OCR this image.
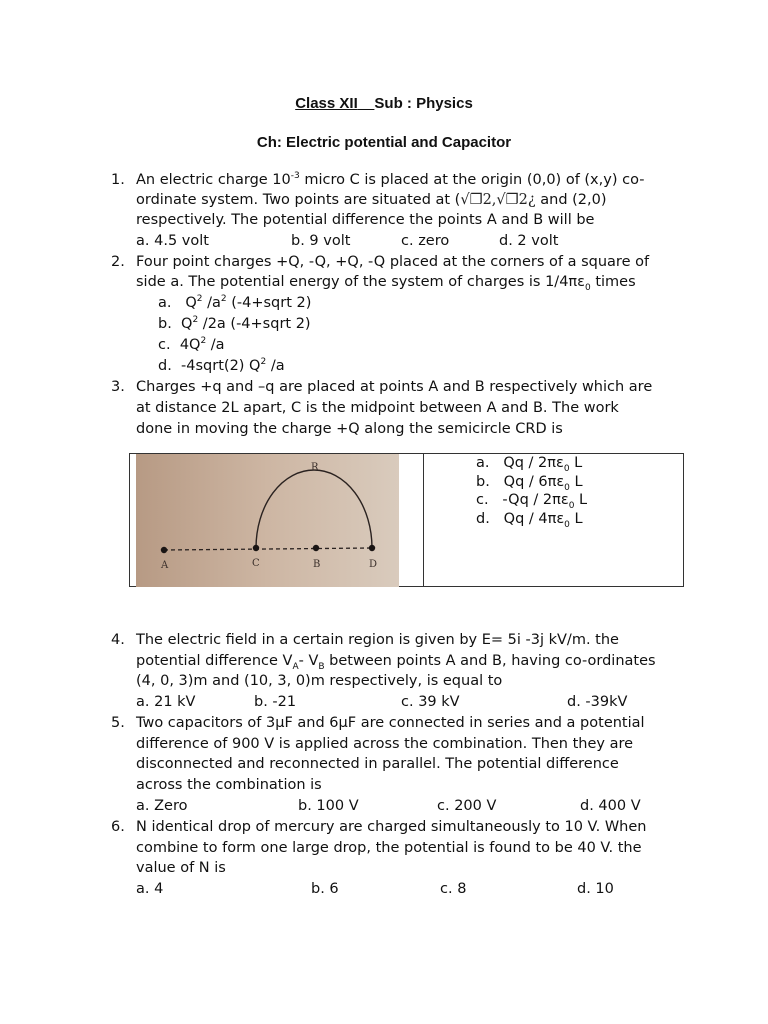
Class XII Sub : Physics
Ch: Electric potential and Capacitor
1. An electric charge $10^{-3}$ micro C is placed at the origin (0,0) of (x,y) co-
ordinate system. Two points are situated at (√❐2,√❐2¿ and (2,0)
respectively. The potential difference the points A and B will be
a. 4.5 volt	b. 9 volt	c. zero	d. 2 volt
2. Four point charges +Q, -Q, +Q, -Q placed at the corners of a square of
side a. The potential energy of the system of charges is $1/4\pi\varepsilon_0$ times
a. $Q^2$ $/a^2$ (-4+sqrt 2)
b. $Q^2$ /2a (-4+sqrt 2)
c. $4Q^2$ /a
d. -4sqrt(2) $Q^2$ /a
3. Charges +q and –q are placed at points A and B respectively which are
at distance 2L apart, C is the midpoint between A and B. The work
done in moving the charge +Q along the semicircle CRD is
R
A	C	B	D
a. Qq / $2\pi\varepsilon_0$ L
b. Qq / $6\pi\varepsilon_0$ L
c. $-Qq / 2\pi\varepsilon_0$ L
d. Qq / $4\pi\varepsilon_0$ L
4. The electric field in a certain region is given by E= 5i -3j kV/m. the
potential difference $V_A-$ $V_B$ between points A and B, having co-ordinates
(4, 0, 3)m and (10, 3, 0)m respectively, is equal to
a. 21 kV	b. -21	c. 39 kV	d. -39kV
5. Two capacitors of 3μF and 6μF are connected in series and a potential
difference of 900 V is applied across the combination. Then they are
disconnected and reconnected in parallel. The potential difference
across the combination is
a. Zero	b. 100 V	c. 200 V	d. 400 V
6. N identical drop of mercury are charged simultaneously to 10 V. When
combine to form one large drop, the potential is found to be 40 V. the
value of N is
a. 4	b. 6	c. 8	d. 10
